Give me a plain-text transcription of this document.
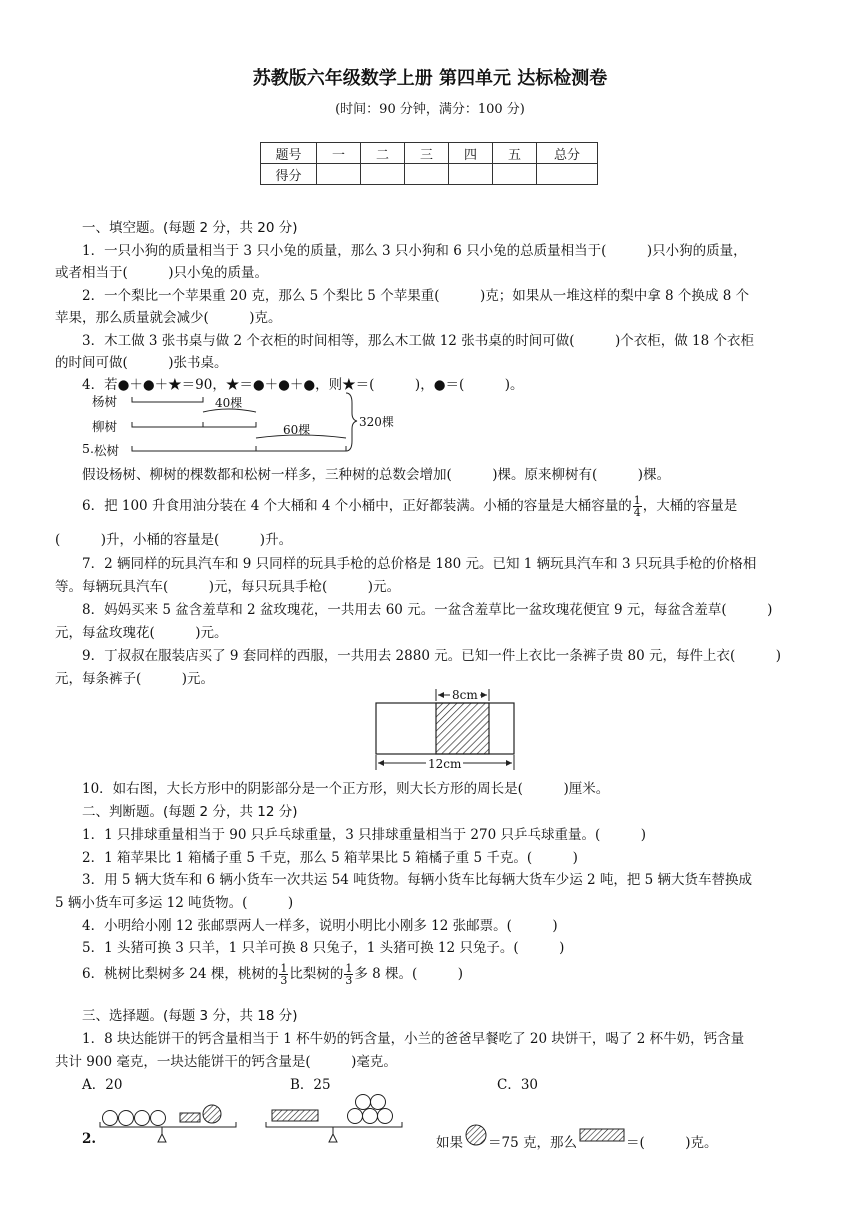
苏教版六年级数学上册 第四单元 达标检测卷
(时间：90 分钟，满分：100 分)
题号	一	二	三	四	五	总分
得分						
一、填空题。(每题 2 分，共 20 分)
1．一只小狗的质量相当于 3 只小兔的质量，那么 3 只小狗和 6 只小兔的总质量相当于(　　　)只小狗的质量，
或者相当于(　　　)只小兔的质量。
2．一个梨比一个苹果重 20 克，那么 5 个梨比 5 个苹果重(　　　)克；如果从一堆这样的梨中拿 8 个换成 8 个
苹果，那么质量就会减少(　　　)克。
3．木工做 3 张书桌与做 2 个衣柜的时间相等，那么木工做 12 张书桌的时间可做(　　　)个衣柜，做 18 个衣柜
的时间可做(　　　)张书桌。
4．若●＋●＋★＝90，★＝●＋●＋●，则★＝(　　　)，●＝(　　　)。
杨树
柳树
5. 松树
40棵
60棵
320棵
假设杨树、柳树的棵数都和松树一样多，三种树的总数会增加(　　　)棵。原来柳树有(　　　)棵。
6．把 100 升食用油分装在 4 个大桶和 4 个小桶中，正好都装满。小桶的容量是大桶容量的 $\frac{1}{4}$ ，大桶的容量是
(　　　)升，小桶的容量是(　　　)升。
7．2 辆同样的玩具汽车和 9 只同样的玩具手枪的总价格是 180 元。已知 1 辆玩具汽车和 3 只玩具手枪的价格相
等。每辆玩具汽车(　　　)元，每只玩具手枪(　　　)元。
8．妈妈买来 5 盆含羞草和 2 盆玫瑰花，一共用去 60 元。一盆含羞草比一盆玫瑰花便宜 9 元，每盆含羞草(　　　)
元，每盆玫瑰花(　　　)元。
9．丁叔叔在服装店买了 9 套同样的西服，一共用去 2880 元。已知一件上衣比一条裤子贵 80 元，每件上衣(　　　)
元，每条裤子(　　　)元。
8cm
12cm
10．如右图，大长方形中的阴影部分是一个正方形，则大长方形的周长是(　　　)厘米。
二、判断题。(每题 2 分，共 12 分)
1．1 只排球重量相当于 90 只乒乓球重量，3 只排球重量相当于 270 只乒乓球重量。(　　　)
2．1 箱苹果比 1 箱橘子重 5 千克，那么 5 箱苹果比 5 箱橘子重 5 千克。(　　　)
3．用 5 辆大货车和 6 辆小货车一次共运 54 吨货物。每辆小货车比每辆大货车少运 2 吨，把 5 辆大货车替换成
5 辆小货车可多运 12 吨货物。(　　　)
4．小明给小刚 12 张邮票两人一样多，说明小明比小刚多 12 张邮票。(　　　)
5．1 头猪可换 3 只羊，1 只羊可换 8 只兔子，1 头猪可换 12 只兔子。(　　　)
6．桃树比梨树多 24 棵，桃树的 $\frac{1}{3}$ 比梨树的 $\frac{1}{3}$ 多 8 棵。(　　　)
三、选择题。(每题 3 分，共 18 分)
1．8 块达能饼干的钙含量相当于 1 杯牛奶的钙含量，小兰的爸爸早餐吃了 20 块饼干，喝了 2 杯牛奶，钙含量
共计 900 毫克，一块达能饼干的钙含量是(　　　)毫克。
A．20	B．25	C．30
2.	如果 ＝75 克，那么	＝(　　　)克。
